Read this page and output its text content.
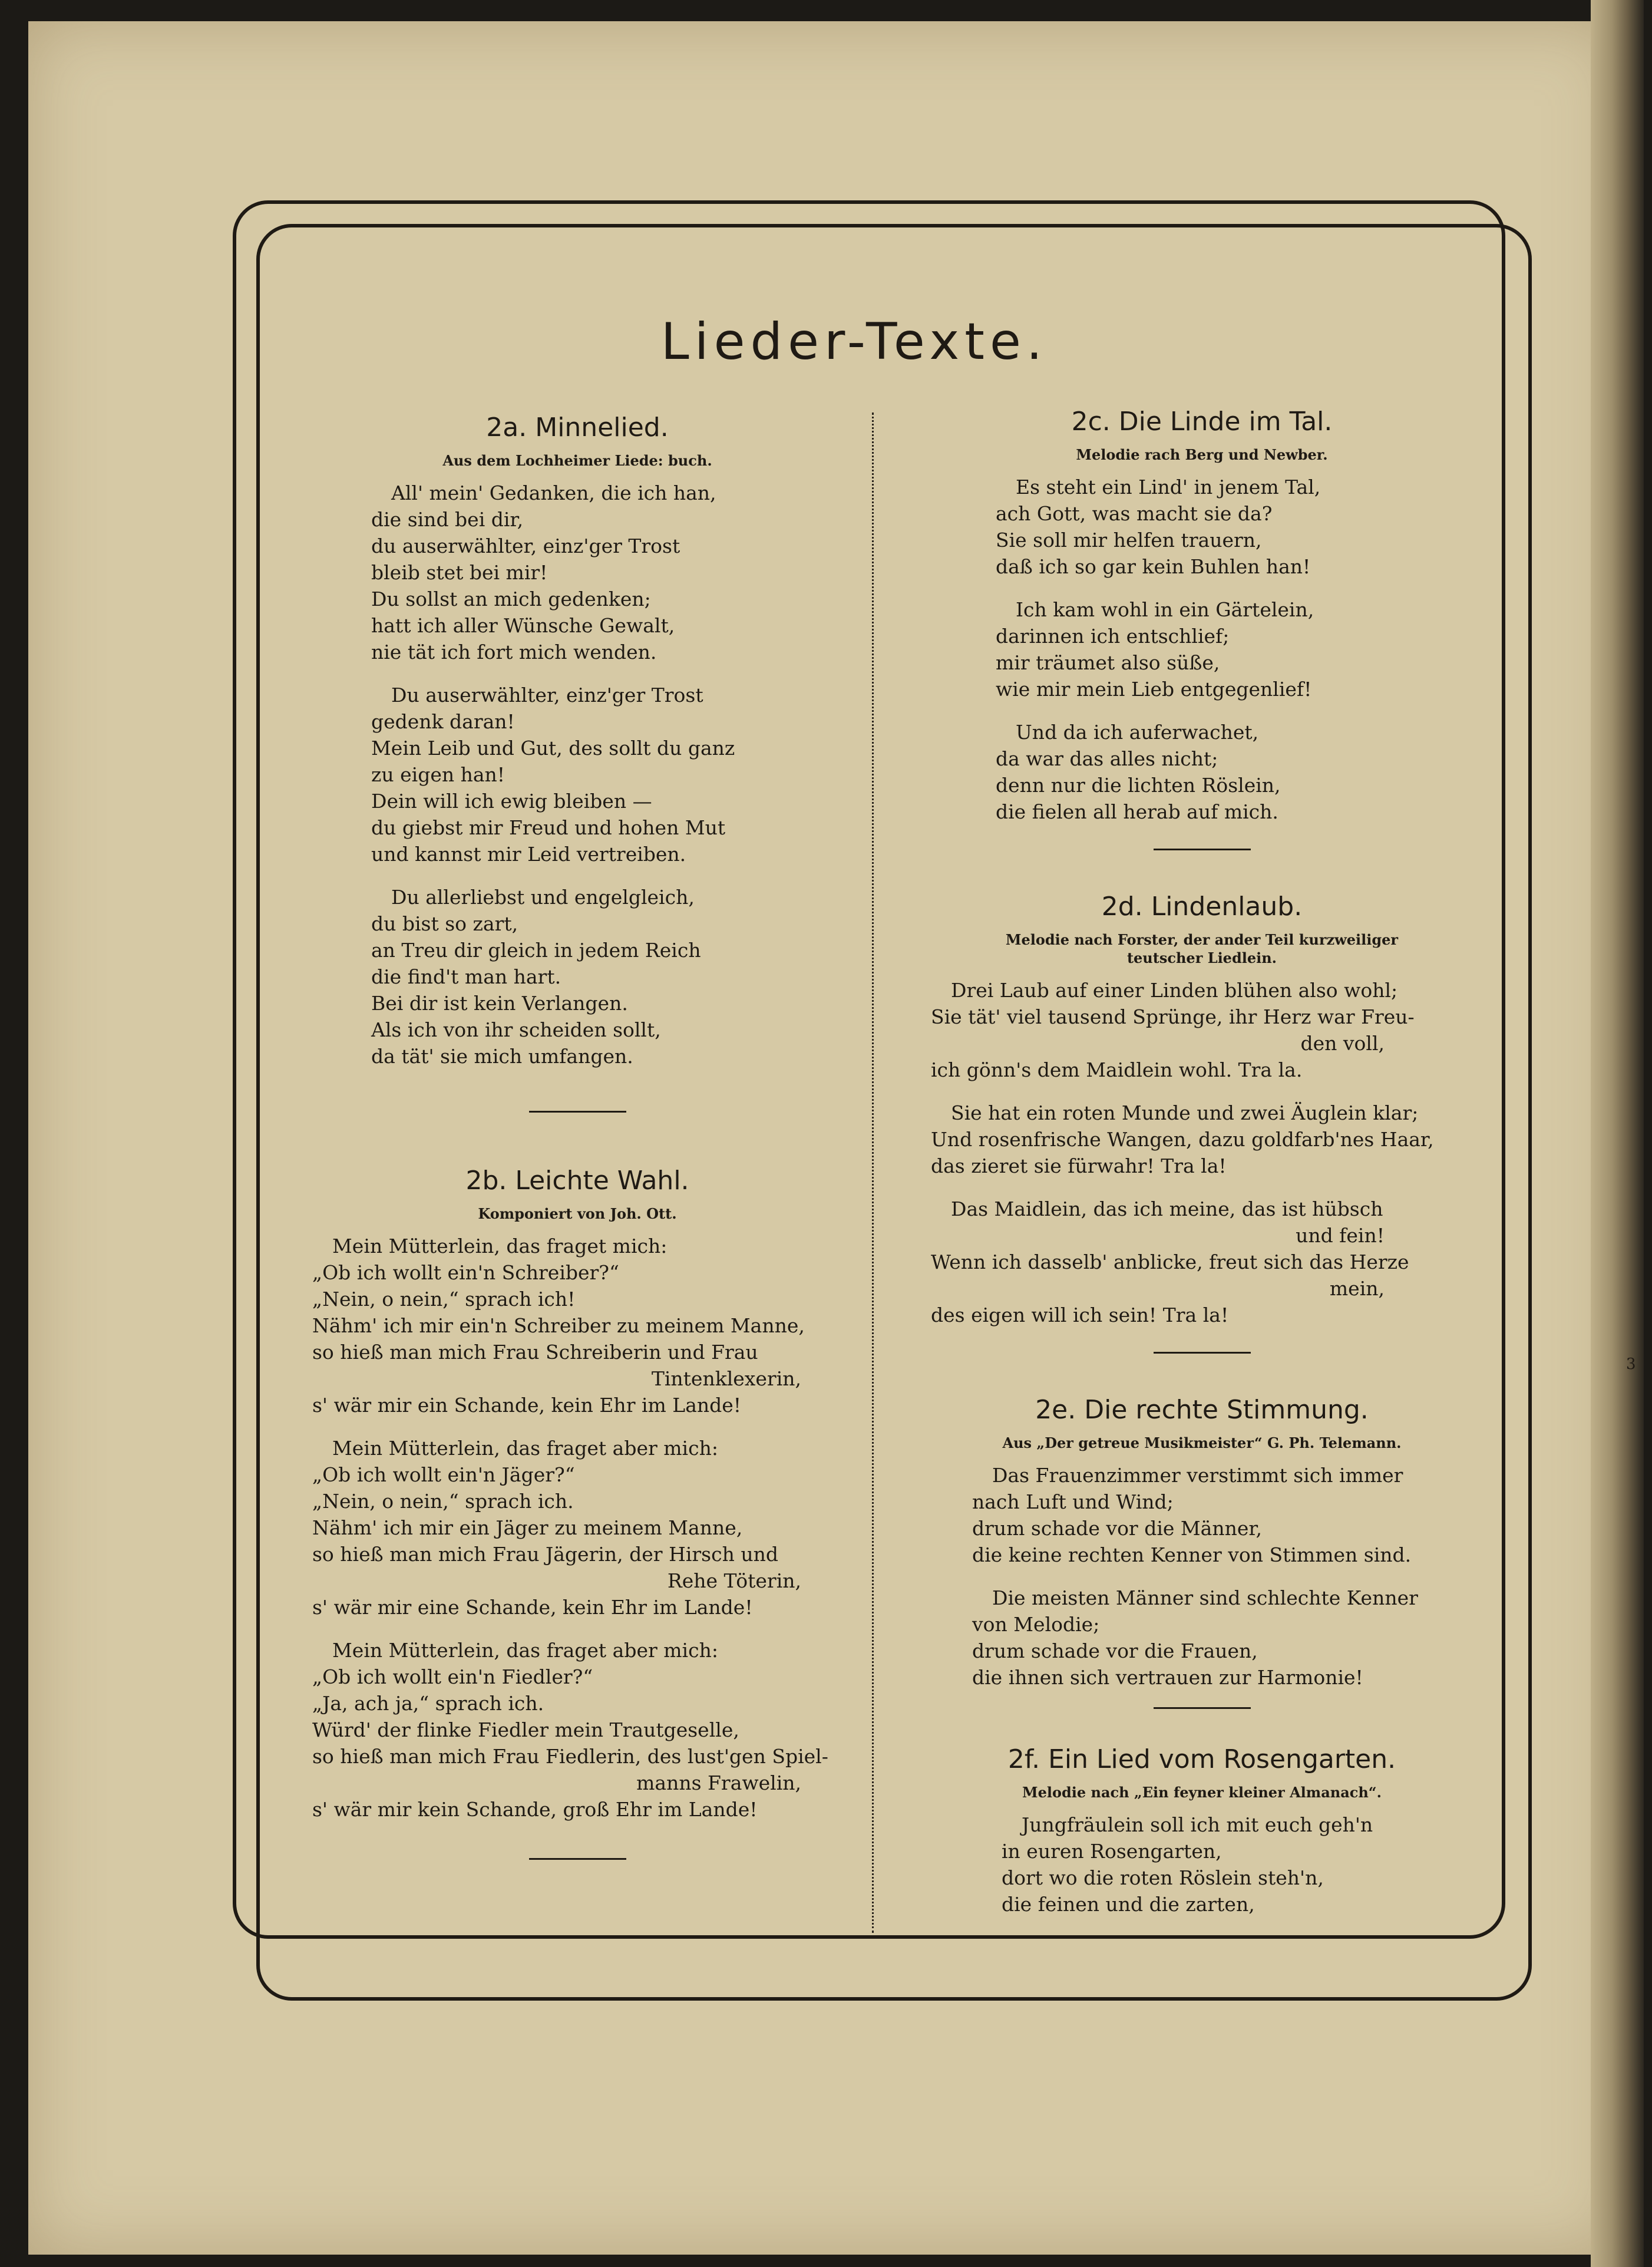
Lieder-Texte.
2a. Minnelied.
Aus dem Lochheimer Liede: buch.
All' mein' Gedanken, die ich han,
die sind bei dir,
du auserwählter, einz'ger Trost
bleib stet bei mir!
Du sollst an mich gedenken;
hatt ich aller Wünsche Gewalt,
nie tät ich fort mich wenden.
Du auserwählter, einz'ger Trost
gedenk daran!
Mein Leib und Gut, des sollt du ganz
zu eigen han!
Dein will ich ewig bleiben —
du giebst mir Freud und hohen Mut
und kannst mir Leid vertreiben.
Du allerliebst und engelgleich,
du bist so zart,
an Treu dir gleich in jedem Reich
die find't man hart.
Bei dir ist kein Verlangen.
Als ich von ihr scheiden sollt,
da tät' sie mich umfangen.
2b. Leichte Wahl.
Komponiert von Joh. Ott.
Mein Mütterlein, das fraget mich:
„Ob ich wollt ein'n Schreiber?“
„Nein, o nein,“ sprach ich!
Nähm' ich mir ein'n Schreiber zu meinem Manne,
so hieß man mich Frau Schreiberin und Frau
Tintenklexerin,
s' wär mir ein Schande, kein Ehr im Lande!
Mein Mütterlein, das fraget aber mich:
„Ob ich wollt ein'n Jäger?“
„Nein, o nein,“ sprach ich.
Nähm' ich mir ein Jäger zu meinem Manne,
so hieß man mich Frau Jägerin, der Hirsch und
Rehe Töterin,
s' wär mir eine Schande, kein Ehr im Lande!
Mein Mütterlein, das fraget aber mich:
„Ob ich wollt ein'n Fiedler?“
„Ja, ach ja,“ sprach ich.
Würd' der flinke Fiedler mein Trautgeselle,
so hieß man mich Frau Fiedlerin, des lust'gen Spiel-
manns Frawelin,
s' wär mir kein Schande, groß Ehr im Lande!
2c. Die Linde im Tal.
Melodie rach Berg und Newber.
Es steht ein Lind' in jenem Tal,
ach Gott, was macht sie da?
Sie soll mir helfen trauern,
daß ich so gar kein Buhlen han!
Ich kam wohl in ein Gärtelein,
darinnen ich entschlief;
mir träumet also süße,
wie mir mein Lieb entgegenlief!
Und da ich auferwachet,
da war das alles nicht;
denn nur die lichten Röslein,
die fielen all herab auf mich.
2d. Lindenlaub.
Melodie nach Forster, der ander Teil kurzweiliger
teutscher Liedlein.
Drei Laub auf einer Linden blühen also wohl;
Sie tät' viel tausend Sprünge, ihr Herz war Freu-
den voll,
ich gönn's dem Maidlein wohl. Tra la.
Sie hat ein roten Munde und zwei Äuglein klar;
Und rosenfrische Wangen, dazu goldfarb'nes Haar,
das zieret sie fürwahr! Tra la!
Das Maidlein, das ich meine, das ist hübsch
und fein!
Wenn ich dasselb' anblicke, freut sich das Herze
mein,
des eigen will ich sein! Tra la!
2e. Die rechte Stimmung.
Aus „Der getreue Musikmeister“ G. Ph. Telemann.
Das Frauenzimmer verstimmt sich immer
nach Luft und Wind;
drum schade vor die Männer,
die keine rechten Kenner von Stimmen sind.
Die meisten Männer sind schlechte Kenner
von Melodie;
drum schade vor die Frauen,
die ihnen sich vertrauen zur Harmonie!
2f. Ein Lied vom Rosengarten.
Melodie nach „Ein feyner kleiner Almanach“.
Jungfräulein soll ich mit euch geh'n
in euren Rosengarten,
dort wo die roten Röslein steh'n,
die feinen und die zarten,
3
